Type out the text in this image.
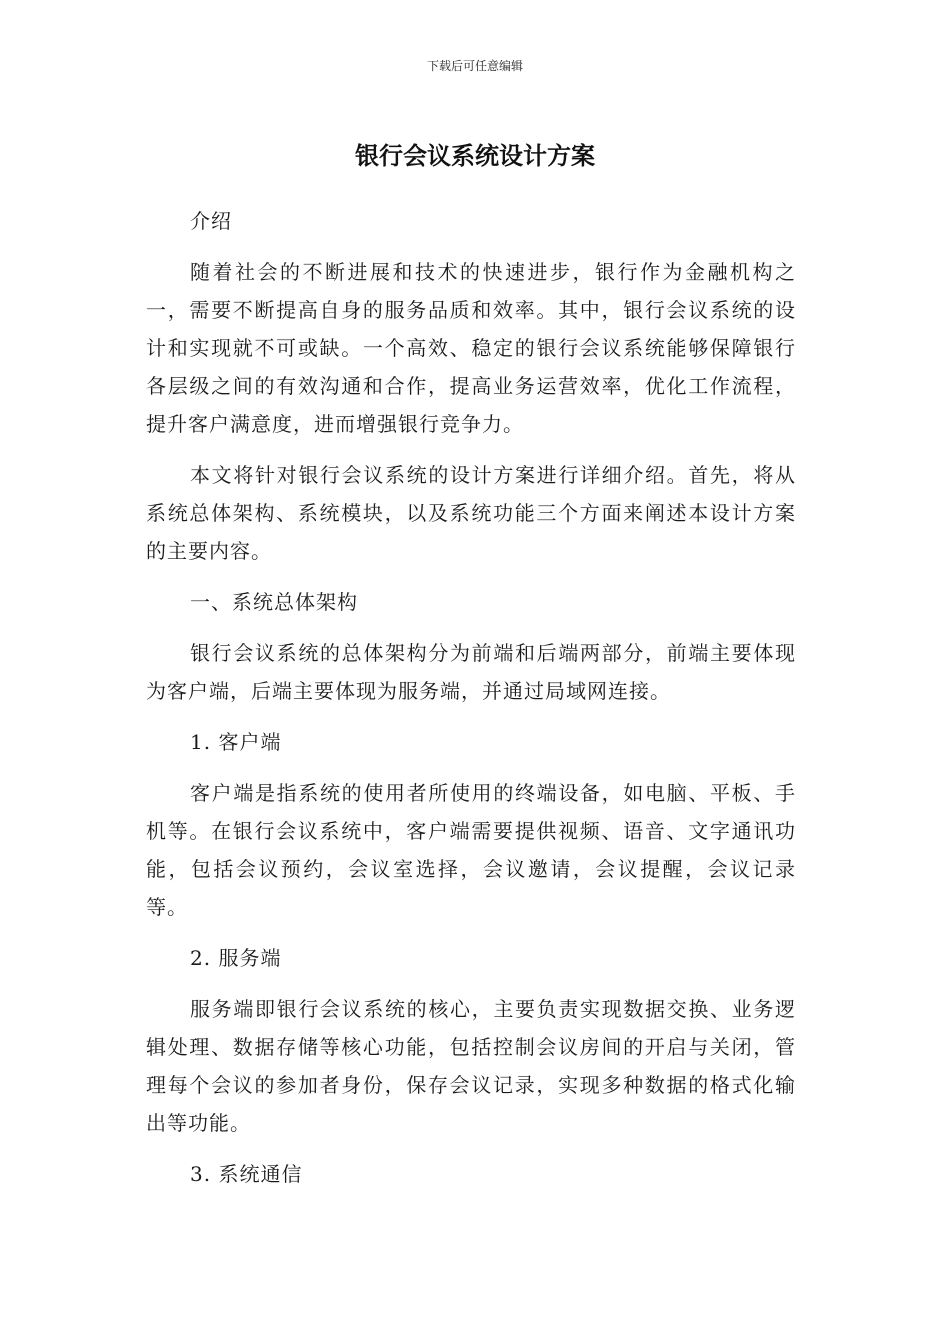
下载后可任意编辑
银行会议系统设计方案

介绍

随着社会的不断进展和技术的快速进步，银行作为金融机构之一，需要不断提高自身的服务品质和效率。其中，银行会议系统的设计和实现就不可或缺。一个高效、稳定的银行会议系统能够保障银行各层级之间的有效沟通和合作，提高业务运营效率，优化工作流程，提升客户满意度，进而增强银行竞争力。

本文将针对银行会议系统的设计方案进行详细介绍。首先，将从系统总体架构、系统模块，以及系统功能三个方面来阐述本设计方案的主要内容。

一、系统总体架构

银行会议系统的总体架构分为前端和后端两部分，前端主要体现为客户端，后端主要体现为服务端，并通过局域网连接。

1. 客户端

客户端是指系统的使用者所使用的终端设备，如电脑、平板、手机等。在银行会议系统中，客户端需要提供视频、语音、文字通讯功能，包括会议预约，会议室选择，会议邀请，会议提醒，会议记录等。

2. 服务端

服务端即银行会议系统的核心，主要负责实现数据交换、业务逻辑处理、数据存储等核心功能，包括控制会议房间的开启与关闭，管理每个会议的参加者身份，保存会议记录，实现多种数据的格式化输出等功能。

3. 系统通信
